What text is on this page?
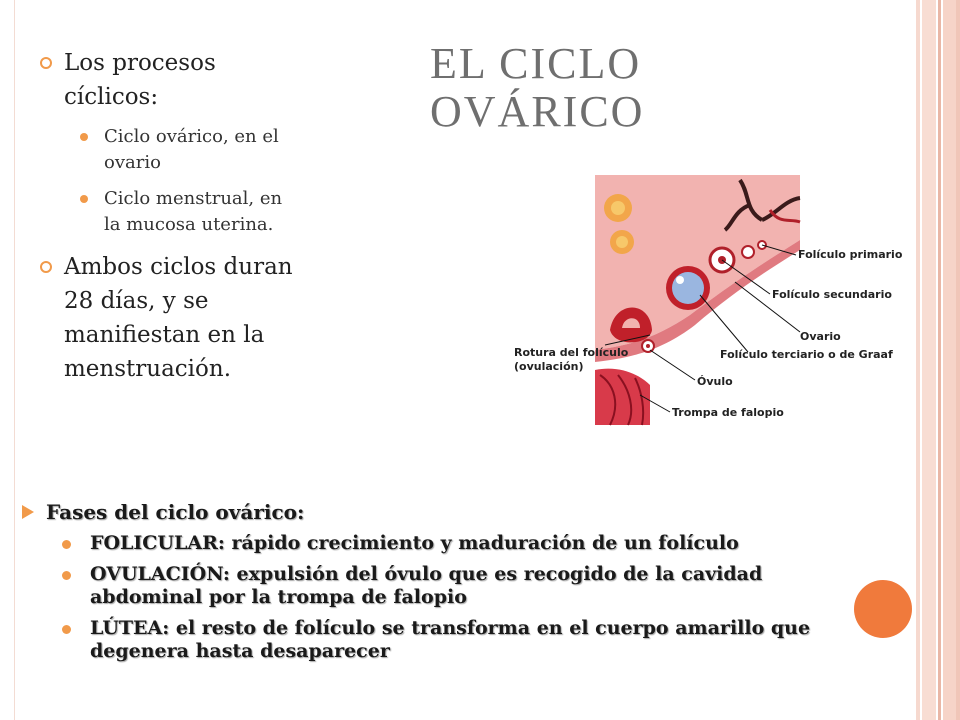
EL CICLO
OVÁRICO
Los procesos
cíclicos:
Ciclo ovárico, en el
ovario
Ciclo menstrual, en
la mucosa uterina.
Ambos ciclos duran
28 días, y se
manifiestan en la
menstruación.
Folículo primario
Folículo secundario
Ovario
Folículo terciario o de Graaf
Rotura del folículo
(ovulación)
Óvulo
Trompa de falopio
Fases del ciclo ovárico:
FOLICULAR: rápido crecimiento y maduración de un folículo
OVULACIÓN: expulsión del óvulo que es recogido de la cavidad
abdominal por la trompa de falopio
LÚTEA: el resto de folículo se transforma en el cuerpo amarillo que
degenera hasta desaparecer
